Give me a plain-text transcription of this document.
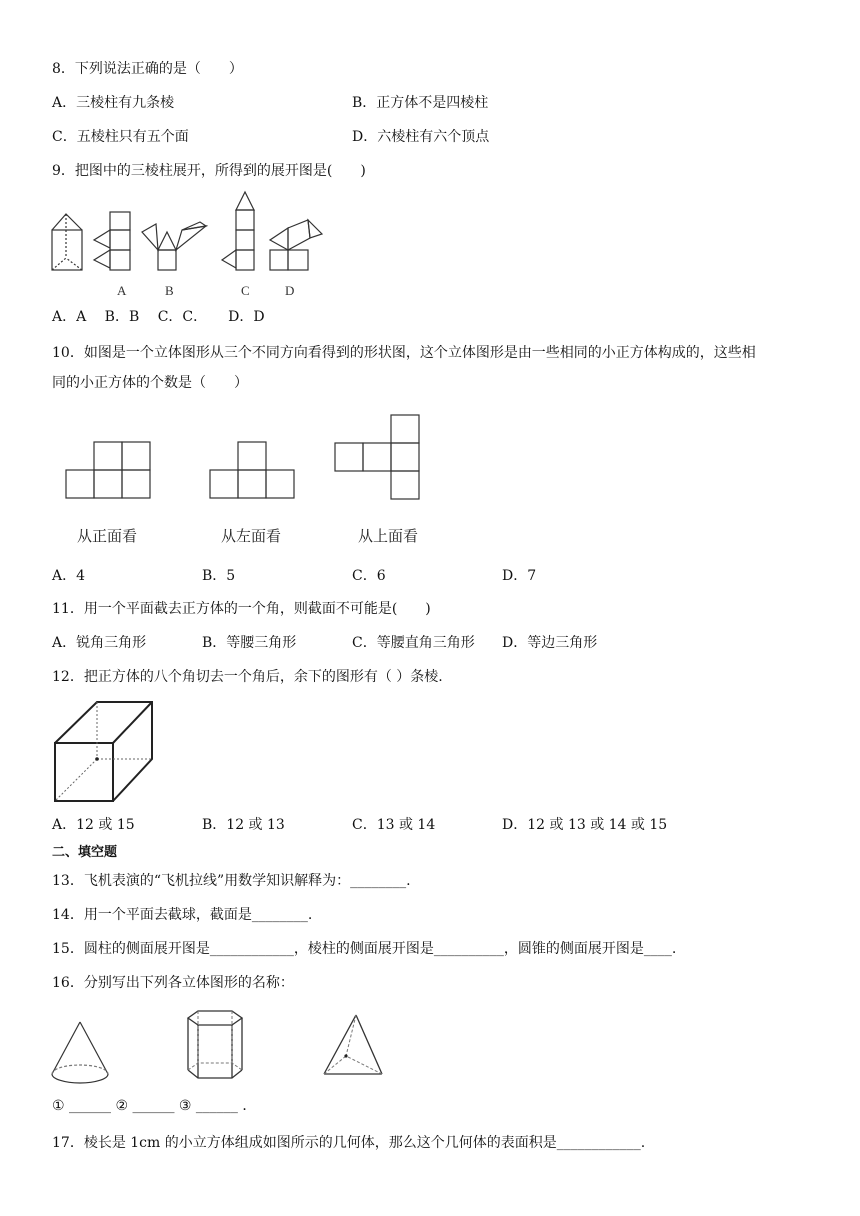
8．下列说法正确的是（　　）
A．三棱柱有九条棱	B．正方体不是四棱柱
C．五棱柱只有五个面	D．六棱柱有六个顶点
9．把图中的三棱柱展开，所得到的展开图是(　　)
A	B	C	D
A．A　 B．B　 C．C．　　D．D
10．如图是一个立体图形从三个不同方向看得到的形状图，这个立体图形是由一些相同的小正方体构成的，这些相
同的小正方体的个数是（　　）
从正面看	从左面看	从上面看
A．4	B．5	C．6	D．7
11．用一个平面截去正方体的一个角，则截面不可能是(　　)
A．锐角三角形	B．等腰三角形	C．等腰直角三角形 D．等边三角形
12．把正方体的八个角切去一个角后，余下的图形有（ ）条棱.
A．12 或 15	B．12 或 13	C．13 或 14	D．12 或 13 或 14 或 15
二、填空题
13．飞机表演的“飞机拉线”用数学知识解释为：________.
14．用一个平面去截球，截面是________.
15．圆柱的侧面展开图是____________，棱柱的侧面展开图是__________，圆锥的侧面展开图是____.
16．分别写出下列各立体图形的名称：
① ______ ② ______ ③ ______ ．
17．棱长是 1cm 的小立方体组成如图所示的几何体，那么这个几何体的表面积是____________.
